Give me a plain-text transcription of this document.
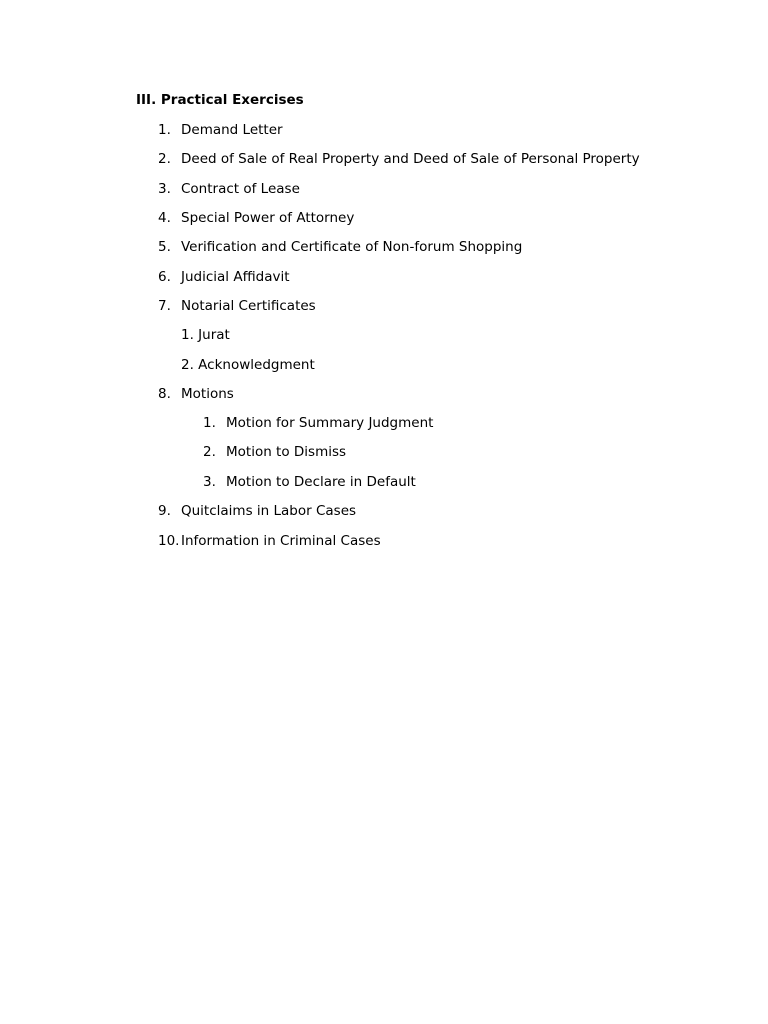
III. Practical Exercises
1. Demand Letter
2. Deed of Sale of Real Property and Deed of Sale of Personal Property
3. Contract of Lease
4. Special Power of Attorney
5. Verification and Certificate of Non-forum Shopping
6. Judicial Affidavit
7. Notarial Certificates
1. Jurat
2. Acknowledgment
8. Motions
1. Motion for Summary Judgment
2. Motion to Dismiss
3. Motion to Declare in Default
9. Quitclaims in Labor Cases
10. Information in Criminal Cases
